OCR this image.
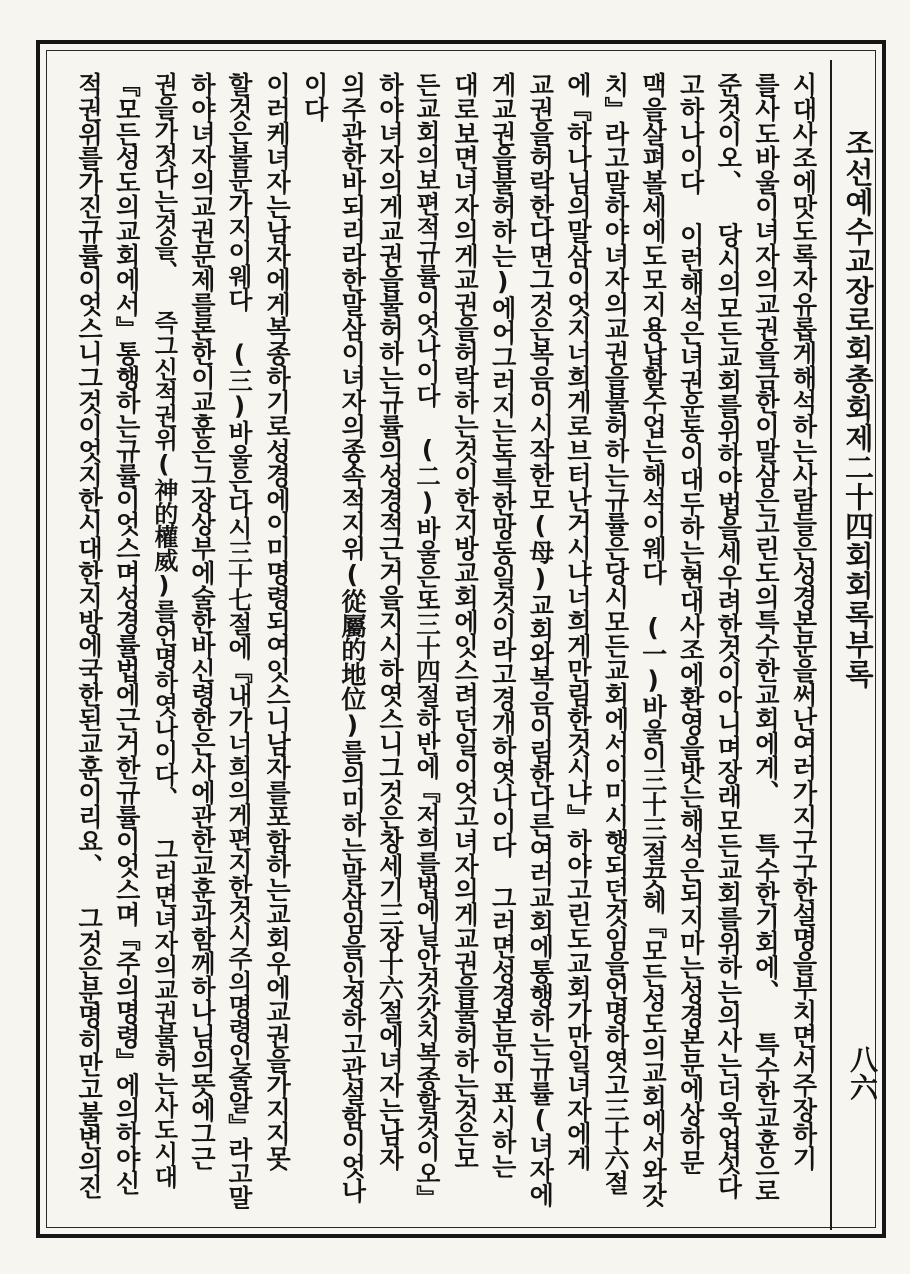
조선예수교장로회총회제二十四회회록부록
八六
시대사조에맛도록자유롭게해석하는사람들은성경본문을써난여러가지구구한설명을부치면서주장하기
를사도바울이녀자의교권을금한이말삼은고린도의특수한교회에게、 특수한기회에、 특수한교훈으로
준것이오、 당시의모든교회를위하야법을세우려한것이아니며장래모든교회를위하는의사는더욱업섯다
고하나이다 이런해석은녀권운동이대두하는현대사조에환영을밧는해석은되지마는성경본문에상하문
맥을살펴볼세에도모지용납할수업는해석이웨다 (一)바울이三十三절끗헤『모든성도의교회에서와갓
치』라고말하야녀자의교권을불허하는규률은당시모든교회에서이미시행되던것임을언명하엿고三十六절
에『하나님의말삼이엇지너희게로브터난거시냐너희게만림한것시냐』하야고린도교회가만일녀자에게
교권을허락한다면그것은복음이시작한모(母)교회와복음이림한다른여러교회에통행하는규률(녀자에
게교권을불허하는)에어그러지는독특한망동일것이라고경개하엿나이다 그러면성경본문이표시하는
대로보면녀자의게교권을허락하는것이한지방교회에잇스려던일이엇고녀자의게교권을불허하는것은모
든교회의보편적규률이엇나이다 (二)바울은또三十四절하반에『저희를법에닐안것갓치복종할것이오』
하야녀자의게교권을불허하는규률의성경적근거을지시하엿스니그것은창세기三장十六절에녀자는남자
의주관한바되리라한말삼이녀자의종속적지위(從屬的地位)를의미하는말삼임을인정하고관설함이엇나
이다
이러케녀자는남자에게복종하기로성경에이미명령되여잇스니남자를포함하는교회우에교권을가지지못
할것은불문가지이웨다 (三)바울은다시三十七절에『내가너희의게편지한것시주의명령인줄알』라고말
하야녀자의교권문제를론한이교훈은그장상부에술한바신령한은사에관한교훈과함께하나님의뜻에그근
권을가젓다는것을、 즉그신적권위(神的權威)를언명하엿나이다、 그러면녀자의교권불허는사도시대
『모든성도의교회에서』통행하는규률이엇스며성경률법에근거한규률이엇스며『주의명령』에의하야신
적권위를가진규률이엇스니그것이엇지한시대한지방에국한된교훈이리요、 그것은분명히만고불변의진
